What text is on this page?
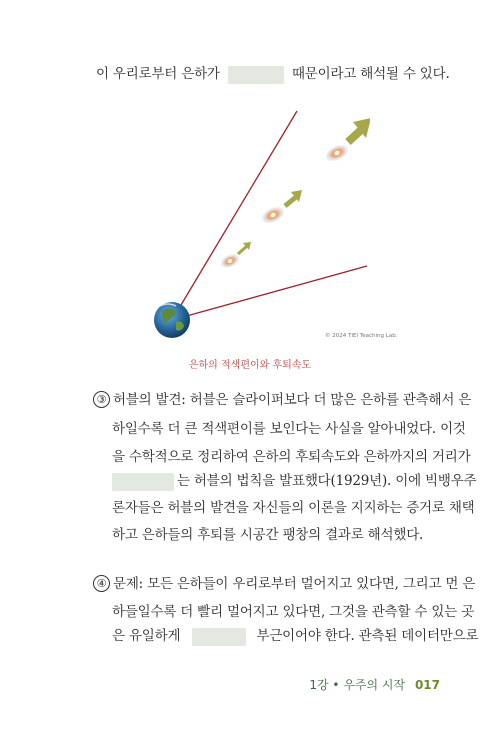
이 우리로부터 은하가	때문이라고 해석될 수 있다.
© 2024 TIEI Teaching Lab.
은하의 적색편이와 후퇴속도
③ 허블의 발견: 허블은 슬라이퍼보다 더 많은 은하를 관측해서 은
하일수록 더 큰 적색편이를 보인다는 사실을 알아내었다. 이것
을 수학적으로 정리하여 은하의 후퇴속도와 은하까지의 거리가
는 허블의 법칙을 발표했다(1929년). 이에 빅뱅우주
론자들은 허블의 발견을 자신들의 이론을 지지하는 증거로 채택
하고 은하들의 후퇴를 시공간 팽창의 결과로 해석했다.
④ 문제: 모든 은하들이 우리로부터 멀어지고 있다면, 그리고 먼 은
하들일수록 더 빨리 멀어지고 있다면, 그것을 관측할 수 있는 곳
은 유일하게	부근이어야 한다. 관측된 데이터만으로
1강 • 우주의 시작 017
